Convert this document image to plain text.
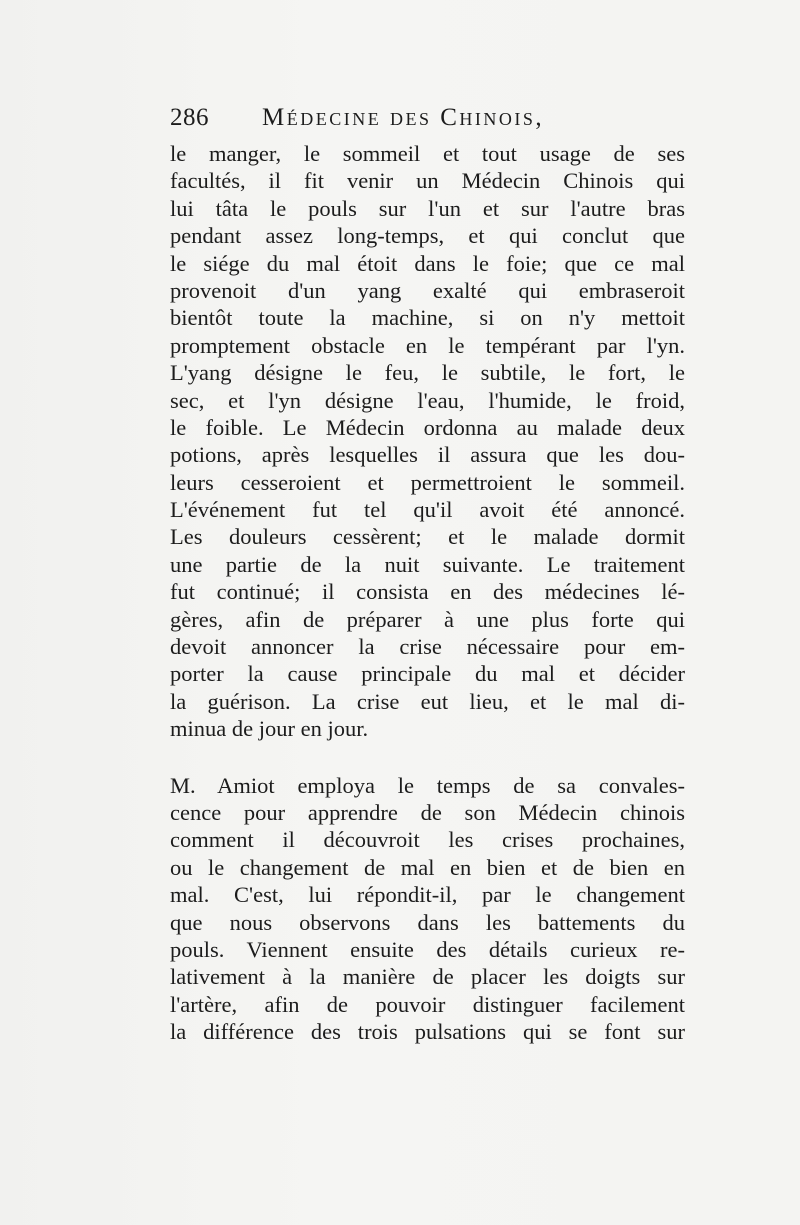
286	Médecine des Chinois,
le manger, le sommeil et tout usage de ses
facultés, il fit venir un Médecin Chinois qui
lui tâta le pouls sur l'un et sur l'autre bras
pendant assez long-temps, et qui conclut que
le siége du mal étoit dans le foie; que ce mal
provenoit d'un yang exalté qui embraseroit
bientôt toute la machine, si on n'y mettoit
promptement obstacle en le tempérant par l'yn.
L'yang désigne le feu, le subtile, le fort, le
sec, et l'yn désigne l'eau, l'humide, le froid,
le foible. Le Médecin ordonna au malade deux
potions, après lesquelles il assura que les dou-
leurs cesseroient et permettroient le sommeil.
L'événement fut tel qu'il avoit été annoncé.
Les douleurs cessèrent; et le malade dormit
une partie de la nuit suivante. Le traitement
fut continué; il consista en des médecines lé-
gères, afin de préparer à une plus forte qui
devoit annoncer la crise nécessaire pour em-
porter la cause principale du mal et décider
la guérison. La crise eut lieu, et le mal di-
minua de jour en jour.
M. Amiot employa le temps de sa convales-
cence pour apprendre de son Médecin chinois
comment il découvroit les crises prochaines,
ou le changement de mal en bien et de bien en
mal. C'est, lui répondit-il, par le changement
que nous observons dans les battements du
pouls. Viennent ensuite des détails curieux re-
lativement à la manière de placer les doigts sur
l'artère, afin de pouvoir distinguer facilement
la différence des trois pulsations qui se font sur
